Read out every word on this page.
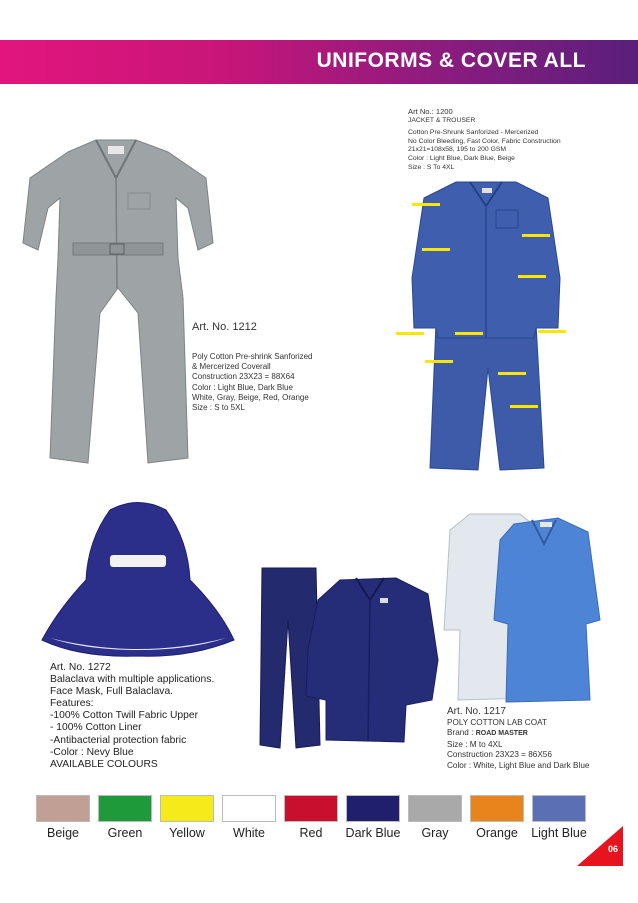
UNIFORMS & COVER ALL
Art No.: 1200
JACKET & TROUSER
Cotton Pre-Shrunk Sanforized - Mercerized
No Color Bleeding, Fast Color, Fabric Construction
21x21=108x58, 195 to 200 GSM
Color : Light Blue, Dark Blue, Beige
Size : S To 4XL
Art. No. 1212
Poly Cotton Pre-shrink Sanforized
& Mercerized Coverall
Construction 23X23 = 88X64
Color : Light Blue, Dark Blue
White, Gray, Beige, Red, Orange
Size : S to 5XL
Art. No. 1272
Balaclava with multiple applications.
Face Mask, Full Balaclava.
Features:
-100% Cotton Twill Fabric Upper
- 100% Cotton Liner
-Antibacterial protection fabric
-Color : Nevy Blue
AVAILABLE COLOURS
Art. No. 1217
POLY COTTON LAB COAT
Brand : ROAD MASTER
Size : M to 4XL
Construction 23X23 = 86X56
Color : White, Light Blue and Dark Blue
Beige Green Yellow White	Red Dark Blue Gray Orange Light Blue
06
